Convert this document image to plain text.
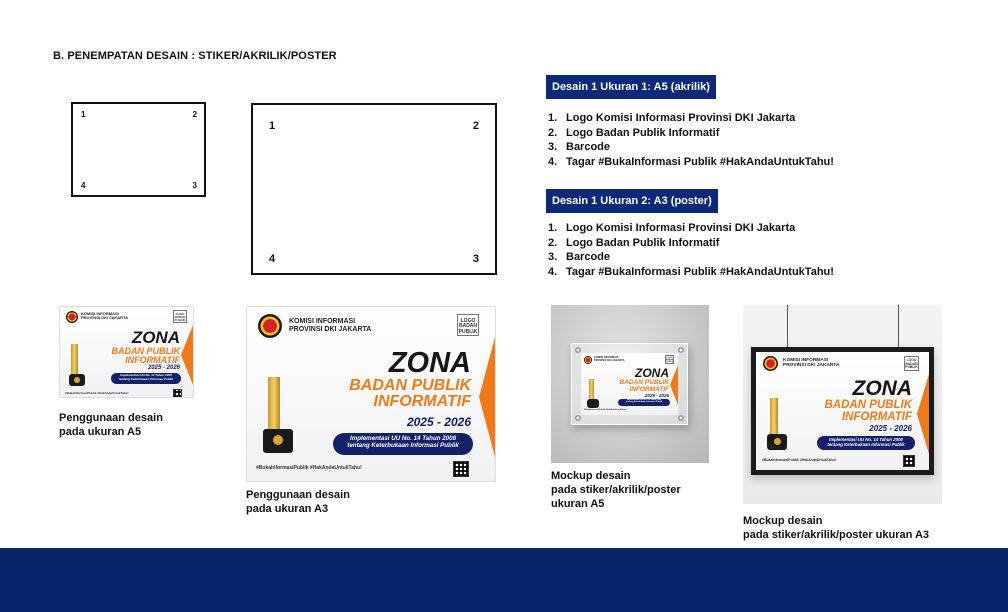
B. PENEMPATAN DESAIN : STIKER/AKRILIK/POSTER
1	2
3
4
1	2
3
4
Desain 1 Ukuran 1: A5 (akrilik)
1. Logo Komisi Informasi Provinsi DKI Jakarta
2. Logo Badan Publik Informatif
3. Barcode
4. Tagar #BukaInformasi Publik #HakAndaUntukTahu!
Desain 1 Ukuran 2: A3 (poster)
1. Logo Komisi Informasi Provinsi DKI Jakarta
2. Logo Badan Publik Informatif
3. Barcode
4. Tagar #BukaInformasi Publik #HakAndaUntukTahu!
KOMISI INFORMASI
PROVINSI DKI JAKARTA
LOGO BADAN PUBLIK
ZONA
BADAN PUBLIK
INFORMATIF
2025 - 2026
Implementasi UU No. 14 Tahun 2008
tentang Keterbukaan Informasi Publik
#BukaInformasiPublik #HakAndaUntukTahu!
KOMISI INFORMASI
PROVINSI DKI JAKARTA
LOGO BADAN PUBLIK
ZONA
BADAN PUBLIK
INFORMATIF
2025 - 2026
Implementasi UU No. 14 Tahun 2008
tentang Keterbukaan Informasi Publik
#BukaInformasiPublik #HakAndaUntukTahu!
KOMISI INFORMASI
PROVINSI DKI JAKARTA
LOGO BADAN PUBLIK
ZONA
BADAN PUBLIK
INFORMATIF
2025 - 2026
Implementasi UU No. 14 Tahun 2008
tentang Keterbukaan Informasi Publik
#BukaInformasiPublik #HakAndaUntukTahu!
KOMISI INFORMASI
PROVINSI DKI JAKARTA
LOGO BADAN PUBLIK
ZONA
BADAN PUBLIK
INFORMATIF
2025 - 2026
Implementasi UU No. 14 Tahun 2008
tentang Keterbukaan Informasi Publik
#BukaInformasiPublik #HakAndaUntukTahu!
Penggunaan desain
pada ukuran A5
Penggunaan desain
pada ukuran A3
Mockup desain
pada stiker/akrilik/poster
ukuran A5
Mockup desain
pada stiker/akrilik/poster ukuran A3
